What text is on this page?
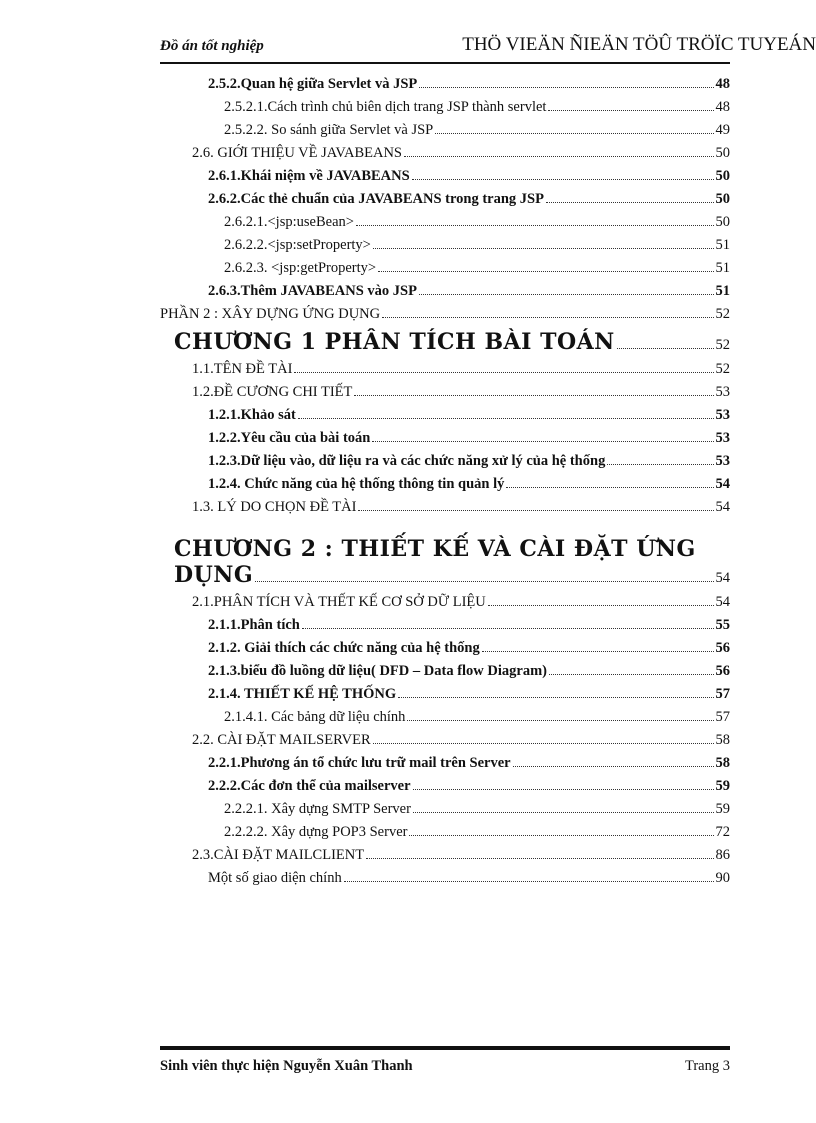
Đồ án tốt nghiệp	THÖ VIEÄN ÑIEÄN TÖÛ TRÖÏC TUYEÁN
2.5.2.Quan hệ giữa Servlet và JSP	48
2.5.2.1.Cách trình chủ biên dịch trang JSP thành servlet	48
2.5.2.2. So sánh giữa Servlet và JSP	49
2.6. GIỚI THIỆU VỀ JAVABEANS	50
2.6.1.Khái niệm về JAVABEANS	50
2.6.2.Các thẻ chuẩn của JAVABEANS trong trang JSP	50
2.6.2.1.<jsp:useBean>	50
2.6.2.2.<jsp:setProperty>	51
2.6.2.3. <jsp:getProperty>	51
2.6.3.Thêm JAVABEANS vào JSP	51
PHẦN 2 : XÂY DỰNG ỨNG DỤNG	52
CHƯƠNG 1 PHÂN TÍCH BÀI TOÁN	52
1.1.TÊN ĐỀ TÀI	52
1.2.ĐỀ CƯƠNG CHI TIẾT	53
1.2.1.Khảo sát	53
1.2.2.Yêu cầu của bài toán	53
1.2.3.Dữ liệu vào, dữ liệu ra và các chức năng xử lý của hệ thống	53
1.2.4. Chức năng của hệ thống thông tin quản lý	54
1.3. LÝ DO CHỌN ĐỀ TÀI	54
CHƯƠNG 2 : THIẾT KẾ VÀ CÀI ĐẶT ỨNG
DỤNG	54
2.1.PHÂN TÍCH VÀ THẾT KẾ CƠ SỞ DỮ LIỆU	54
2.1.1.Phân tích	55
2.1.2. Giải thích các chức năng của hệ thống	56
2.1.3.biểu đồ luồng dữ liệu( DFD – Data flow Diagram)	56
2.1.4. THIẾT KẾ HỆ THỐNG	57
2.1.4.1. Các bảng dữ liệu chính	57
2.2. CÀI ĐẶT MAILSERVER	58
2.2.1.Phương án tổ chức lưu trữ mail trên Server	58
2.2.2.Các đơn thể của mailserver	59
2.2.2.1. Xây dựng SMTP Server	59
2.2.2.2. Xây dựng POP3 Server	72
2.3.CÀI ĐẶT MAILCLIENT	86
Một số giao diện chính	90
Sinh viên thực hiện Nguyễn Xuân Thanh	Trang 3
